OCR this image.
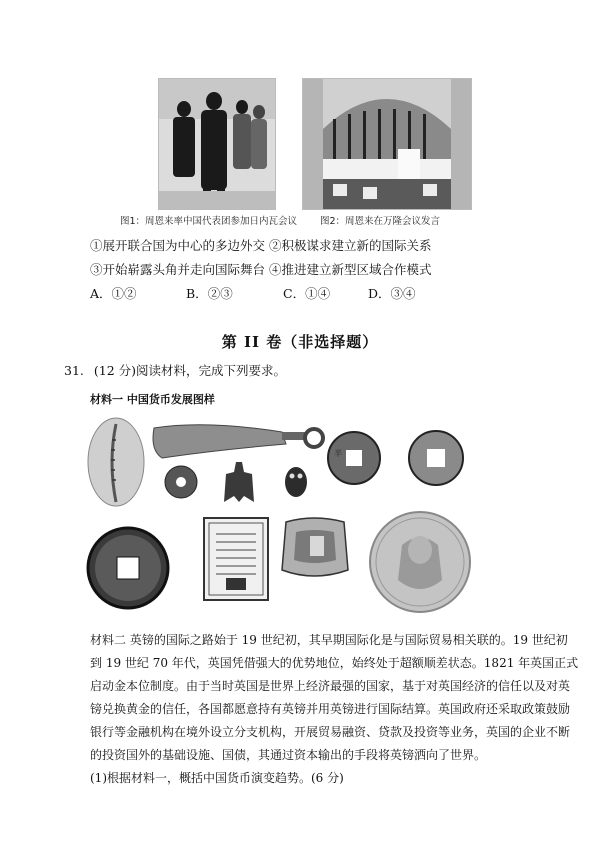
图1：周恩来率中国代表团参加日内瓦会议 图2：周恩来在万隆会议发言
①展开联合国为中心的多边外交 ②积极谋求建立新的国际关系
③开始崭露头角并走向国际舞台 ④推进建立新型区域合作模式
A．①②	B．②③	C．①④	D．③④
第 II 卷（非选择题）
31. (12 分)阅读材料，完成下列要求。
材料一 中国货币发展图样
半
材料二 英镑的国际之路始于 19 世纪初，其早期国际化是与国际贸易相关联的。19 世纪初
到 19 世纪 70 年代，英国凭借强大的优势地位，始终处于超额顺差状态。1821 年英国正式
启动金本位制度。由于当时英国是世界上经济最强的国家，基于对英国经济的信任以及对英
镑兑换黄金的信任，各国都愿意持有英镑并用英镑进行国际结算。英国政府还采取政策鼓励
银行等金融机构在境外设立分支机构，开展贸易融资、贷款及投资等业务，英国的企业不断
的投资国外的基础设施、国债，其通过资本输出的手段将英镑洒向了世界。
(1)根据材料一，概括中国货币演变趋势。(6 分)
